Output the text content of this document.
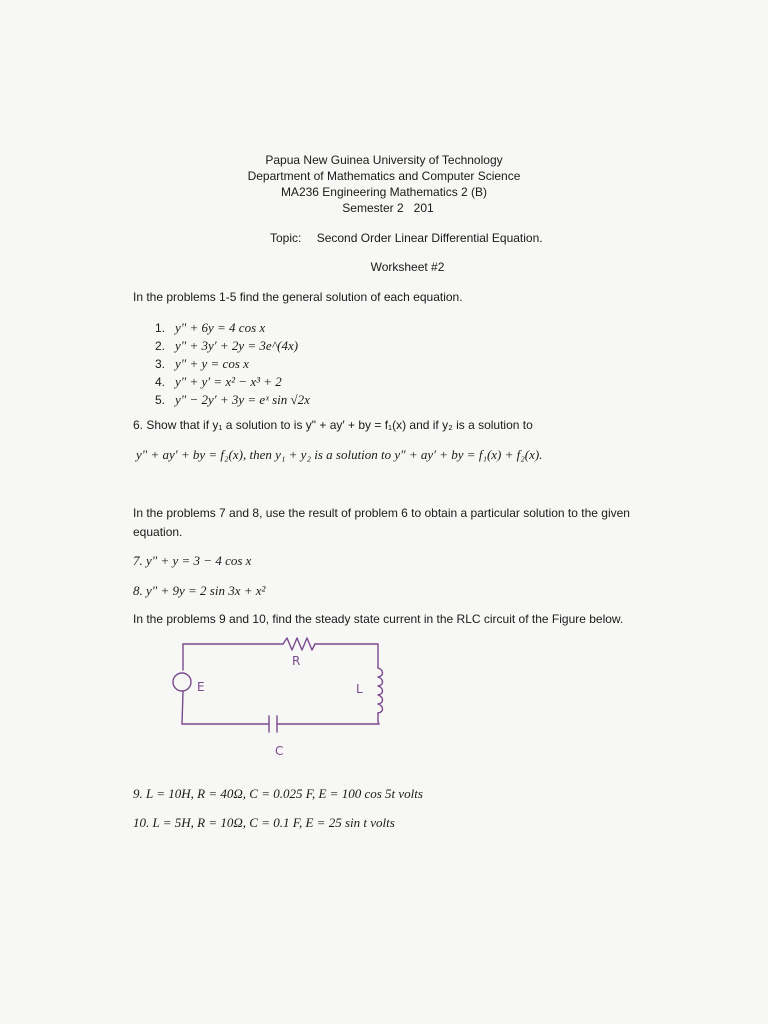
Papua New Guinea University of Technology
Department of Mathematics and Computer Science
MA236 Engineering Mathematics 2 (B)
Semester 2   201
Topic: Second Order Linear Differential Equation.
Worksheet #2
In the problems 1-5 find the general solution of each equation.
1. y" + 6y = 4 cos x
2. y" + 3y′ + 2y = 3e^(4x)
3. y" + y = cos x
4. y" + y′ = x² − x³ + 2
5. y" − 2y′ + 3y = eˣ sin √2x
6. Show that if y₁ a solution to is y" + ay′ + by = f₁(x) and if y₂ is a solution to
y" + ay′ + by = f₂(x), then y₁ + y₂ is a solution to y" + ay′ + by = f₁(x) + f₂(x).
In the problems 7 and 8, use the result of problem 6 to obtain a particular solution to the given equation.
7. y" + y = 3 − 4 cos x
8. y" + 9y = 2 sin 3x + x²
In the problems 9 and 10, find the steady state current in the RLC circuit of the Figure below.
R
E	L
C
9. L = 10H, R = 40Ω, C = 0.025 F, E = 100 cos 5t volts
10. L = 5H, R = 10Ω, C = 0.1 F, E = 25 sin t volts
